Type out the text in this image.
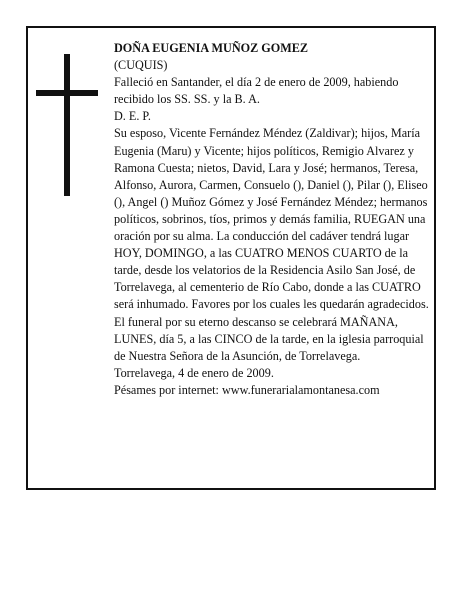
DOÑA EUGENIA MUÑOZ GOMEZ

(CUQUIS)

Falleció en Santander, el día 2 de enero de 2009, habiendo recibido los SS. SS. y la B. A.

D. E. P.

Su esposo, Vicente Fernández Méndez (Zaldivar); hijos, María Eugenia (Maru) y Vicente; hijos políticos, Remigio Alvarez y Ramona Cuesta; nietos, David, Lara y José; hermanos, Teresa, Alfonso, Aurora, Carmen, Consuelo (), Daniel (), Pilar (), Eliseo (), Angel () Muñoz Gómez y José Fernández Méndez; hermanos políticos, sobrinos, tíos, primos y demás familia, RUEGAN una oración por su alma. La conducción del cadáver tendrá lugar HOY, DOMINGO, a las CUATRO MENOS CUARTO de la tarde, desde los velatorios de la Residencia Asilo San José, de Torrelavega, al cementerio de Río Cabo, donde a las CUATRO será inhumado. Favores por los cuales les quedarán agradecidos. El funeral por su eterno descanso se celebrará MAÑANA, LUNES, día 5, a las CINCO de la tarde, en la iglesia parroquial de Nuestra Señora de la Asunción, de Torrelavega.

Torrelavega, 4 de enero de 2009.

Pésames por internet: www.funerarialamontanesa.com
